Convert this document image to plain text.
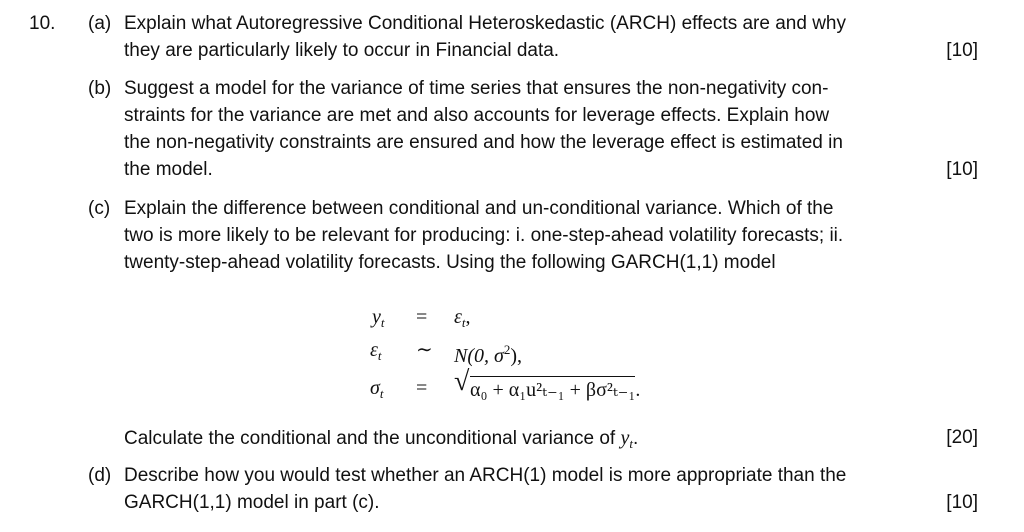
10. (a) Explain what Autoregressive Conditional Heteroskedastic (ARCH) effects are and why
they are particularly likely to occur in Financial data.	[10]
(b) Suggest a model for the variance of time series that ensures the non-negativity con-
straints for the variance are met and also accounts for leverage effects. Explain how
the non-negativity constraints are ensured and how the leverage effect is estimated in
the model.	[10]
(c) Explain the difference between conditional and un-conditional variance. Which of the
two is more likely to be relevant for producing: i. one-step-ahead volatility forecasts; ii.
twenty-step-ahead volatility forecasts. Using the following GARCH(1,1) model
$y_t = \varepsilon_t$,
$\varepsilon_t$ ∼ N(0, $\sigma^2$),
$\sigma_t$ = √ α₀ + α₁u²ₜ₋₁ + βσ²ₜ₋₁.
Calculate the conditional and the unconditional variance of $y_t$.	[20]
(d) Describe how you would test whether an ARCH(1) model is more appropriate than the
GARCH(1,1) model in part (c).	[10]
